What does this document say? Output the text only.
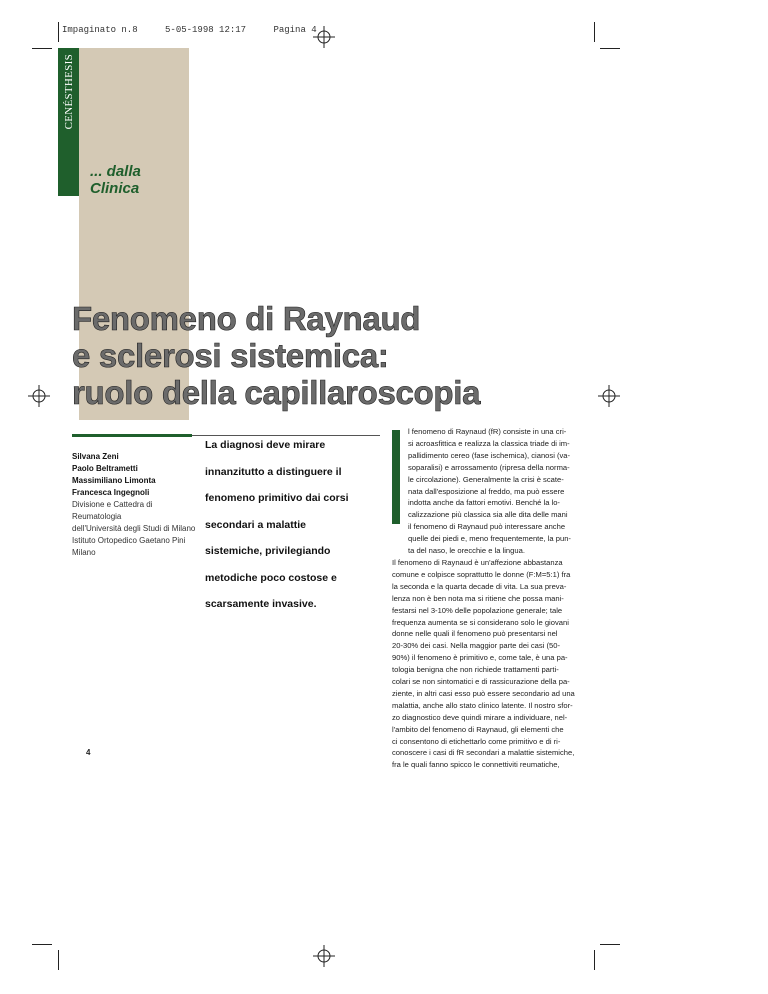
Impaginato n.8	5-05-1998 12:17	Pagina 4
CENÉSTHESIS
... dalla
Clinica
Fenomeno di Raynaud
e sclerosi sistemica:
ruolo della capillaroscopia
Silvana Zeni
Paolo Beltrametti
Massimiliano Limonta
Francesca Ingegnoli
Divisione e Cattedra di Reumatologia
dell'Università degli Studi di Milano
Istituto Ortopedico Gaetano Pini
Milano
La diagnosi deve mirare
innanzitutto a distinguere il
fenomeno primitivo dai corsi
secondari a malattie
sistemiche, privilegiando
metodiche poco costose e
scarsamente invasive.
4
l fenomeno di Raynaud (fR) consiste in una cri-
si acroasfittica e realizza la classica triade di im-
pallidimento cereo (fase ischemica), cianosi (va-
soparalisi) e arrossamento (ripresa della norma-
le circolazione). Generalmente la crisi è scate-
nata dall'esposizione al freddo, ma può essere
indotta anche da fattori emotivi. Benché la lo-
calizzazione più classica sia alle dita delle mani
il fenomeno di Raynaud può interessare anche
quelle dei piedi e, meno frequentemente, la pun-
ta del naso, le orecchie e la lingua.
Il fenomeno di Raynaud è un'affezione abbastanza
comune e colpisce soprattutto le donne (F:M=5:1) fra
la seconda e la quarta decade di vita. La sua preva-
lenza non è ben nota ma si ritiene che possa mani-
festarsi nel 3-10% delle popolazione generale; tale
frequenza aumenta se si considerano solo le giovani
donne nelle quali il fenomeno può presentarsi nel
20-30% dei casi. Nella maggior parte dei casi (50-
90%) il fenomeno è primitivo e, come tale, è una pa-
tologia benigna che non richiede trattamenti parti-
colari se non sintomatici e di rassicurazione della pa-
ziente, in altri casi esso può essere secondario ad una
malattia, anche allo stato clinico latente. Il nostro sfor-
zo diagnostico deve quindi mirare a individuare, nel-
l'ambito del fenomeno di Raynaud, gli elementi che
ci consentono di etichettarlo come primitivo e di ri-
conoscere i casi di fR secondari a malattie sistemiche,
fra le quali fanno spicco le connettiviti reumatiche,
